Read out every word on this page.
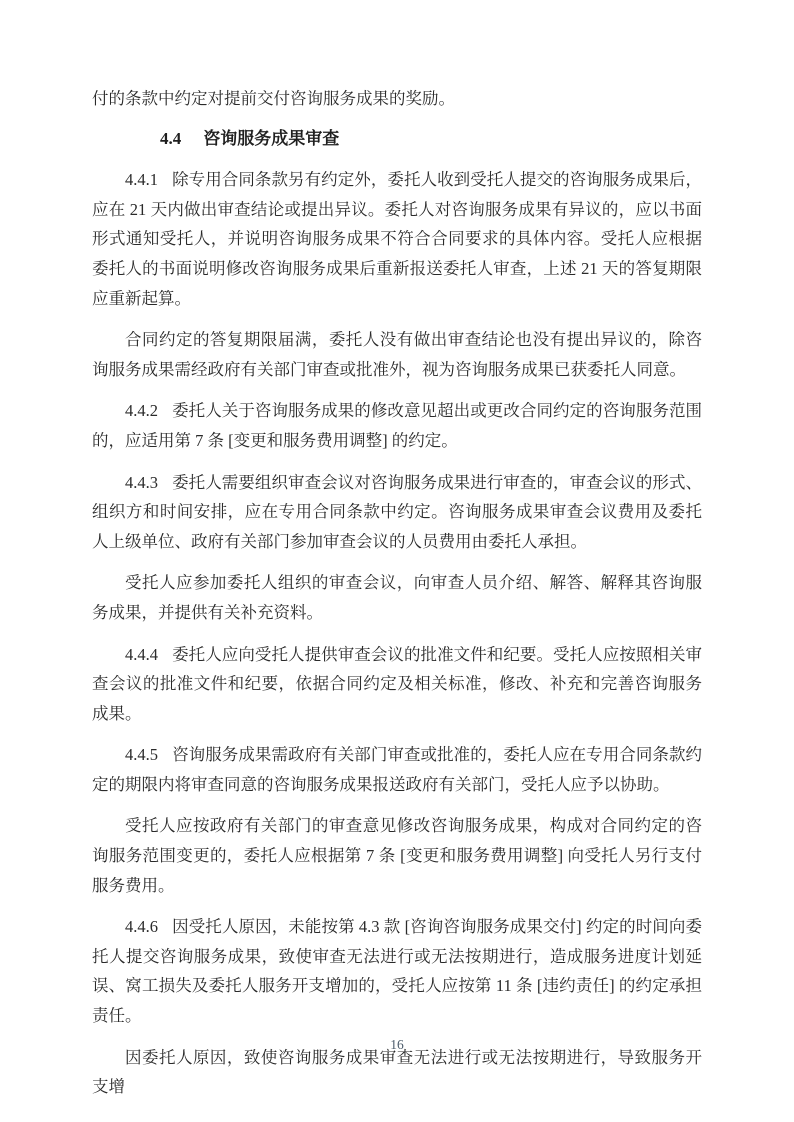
付的条款中约定对提前交付咨询服务成果的奖励。

4.4 咨询服务成果审查

4.4.1 除专用合同条款另有约定外，委托人收到受托人提交的咨询服务成果后，应在 21 天内做出审查结论或提出异议。委托人对咨询服务成果有异议的，应以书面形式通知受托人，并说明咨询服务成果不符合合同要求的具体内容。受托人应根据委托人的书面说明修改咨询服务成果后重新报送委托人审查，上述 21 天的答复期限应重新起算。

合同约定的答复期限届满，委托人没有做出审查结论也没有提出异议的，除咨询服务成果需经政府有关部门审查或批准外，视为咨询服务成果已获委托人同意。

4.4.2 委托人关于咨询服务成果的修改意见超出或更改合同约定的咨询服务范围的，应适用第 7 条 [变更和服务费用调整] 的约定。

4.4.3 委托人需要组织审查会议对咨询服务成果进行审查的，审查会议的形式、组织方和时间安排，应在专用合同条款中约定。咨询服务成果审查会议费用及委托人上级单位、政府有关部门参加审查会议的人员费用由委托人承担。

受托人应参加委托人组织的审查会议，向审查人员介绍、解答、解释其咨询服务成果，并提供有关补充资料。

4.4.4 委托人应向受托人提供审查会议的批准文件和纪要。受托人应按照相关审查会议的批准文件和纪要，依据合同约定及相关标准，修改、补充和完善咨询服务成果。

4.4.5 咨询服务成果需政府有关部门审查或批准的，委托人应在专用合同条款约定的期限内将审查同意的咨询服务成果报送政府有关部门，受托人应予以协助。

受托人应按政府有关部门的审查意见修改咨询服务成果，构成对合同约定的咨询服务范围变更的，委托人应根据第 7 条 [变更和服务费用调整] 向受托人另行支付服务费用。

4.4.6 因受托人原因，未能按第 4.3 款 [咨询咨询服务成果交付] 约定的时间向委托人提交咨询服务成果，致使审查无法进行或无法按期进行，造成服务进度计划延误、窝工损失及委托人服务开支增加的，受托人应按第 11 条 [违约责任] 的约定承担责任。

因委托人原因，致使咨询服务成果审查无法进行或无法按期进行，导致服务开支增

16
